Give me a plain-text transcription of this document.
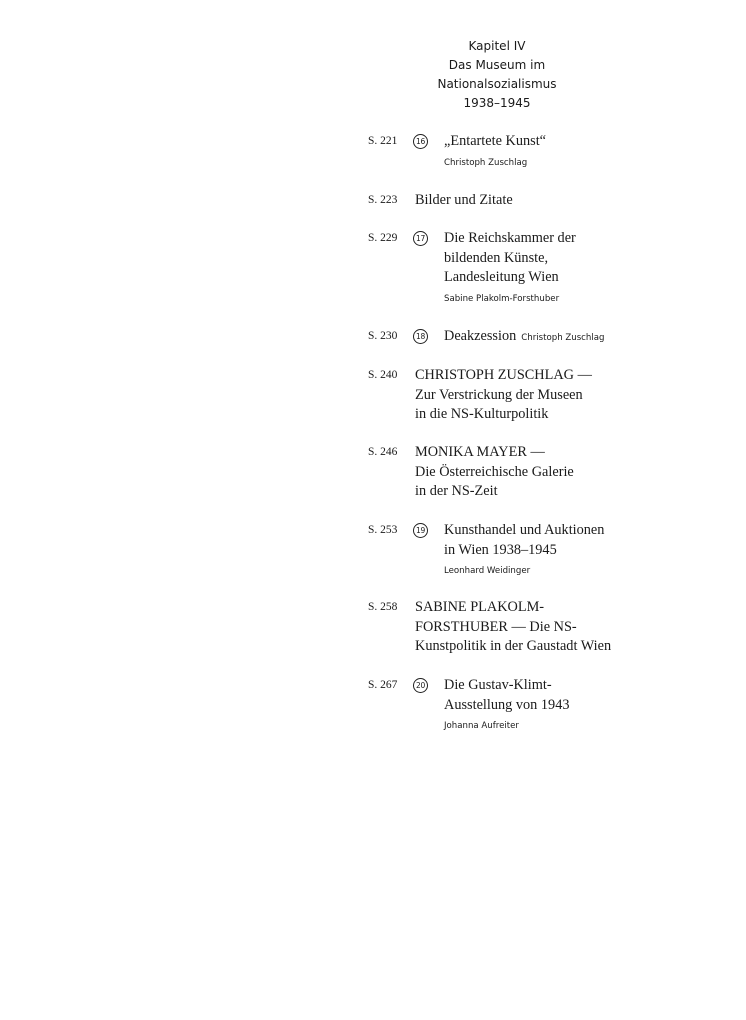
Kapitel IV
Das Museum im
Nationalsozialismus
1938–1945
S. 221	16 „Entartete Kunst“
Christoph Zuschlag
S. 223 Bilder und Zitate
S. 229	17 Die Reichskammer der
bildenden Künste,
Landesleitung Wien
Sabine Plakolm-Forsthuber
S. 230	18 Deakzession Christoph Zuschlag
S. 240 CHRISTOPH ZUSCHLAG —
Zur Verstrickung der Museen
in die NS-Kulturpolitik
S. 246 MONIKA MAYER —
Die Österreichische Galerie
in der NS-Zeit
S. 253	19 Kunsthandel und Auktionen
in Wien 1938–1945
Leonhard Weidinger
S. 258 SABINE PLAKOLM-
FORSTHUBER — Die NS-
Kunstpolitik in der Gaustadt Wien
S. 267	20 Die Gustav-Klimt-
Ausstellung von 1943
Johanna Aufreiter
